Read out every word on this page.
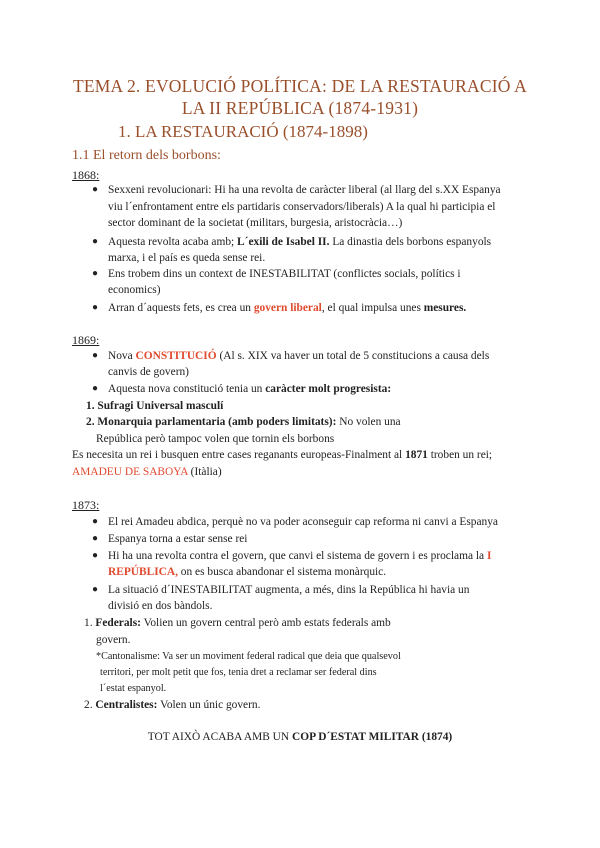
TEMA 2. EVOLUCIÓ POLÍTICA: DE LA RESTAURACIÓ A
LA II REPÚBLICA (1874-1931)
1. LA RESTAURACIÓ (1874-1898)
1.1 El retorn dels borbons:
1868:
● Sexxeni revolucionari: Hi ha una revolta de caràcter liberal (al llarg del s.XX Espanya
viu l´enfrontament entre els partidaris conservadors/liberals) A la qual hi participia el
sector dominant de la societat (militars, burgesia, aristocràcia…)
● Aquesta revolta acaba amb; L´exili de Isabel II. La dinastia dels borbons espanyols
marxa, i el país es queda sense rei.
● Ens trobem dins un context de INESTABILITAT (conflictes socials, polítics i
economics)
● Arran d´aquests fets, es crea un govern liberal, el qual impulsa unes mesures.
1869:
● Nova CONSTITUCIÓ (Al s. XIX va haver un total de 5 constitucions a causa dels
canvis de govern)
● Aquesta nova constitució tenia un caràcter molt progresista:
1. Sufragi Universal masculí
2. Monarquia parlamentaria (amb poders limitats): No volen una
República però tampoc volen que tornin els borbons
Es necesita un rei i busquen entre cases reganants europeas-Finalment al 1871 troben un rei;
AMADEU DE SABOYA (Itàlia)
1873:
● El rei Amadeu abdica, perquè no va poder aconseguir cap reforma ni canvi a Espanya
● Espanya torna a estar sense rei
● Hi ha una revolta contra el govern, que canvi el sistema de govern i es proclama la I
REPÚBLICA, on es busca abandonar el sistema monàrquic.
● La situació d´INESTABILITAT augmenta, a més, dins la República hi havia un
divisió en dos bàndols.
1. Federals: Volien un govern central però amb estats federals amb
govern.
*Cantonalisme: Va ser un moviment federal radical que deia que qualsevol
territori, per molt petit que fos, tenia dret a reclamar ser federal dins
l´estat espanyol.
2. Centralistes: Volen un únic govern.
TOT AIXÒ ACABA AMB UN COP D´ESTAT MILITAR (1874)
